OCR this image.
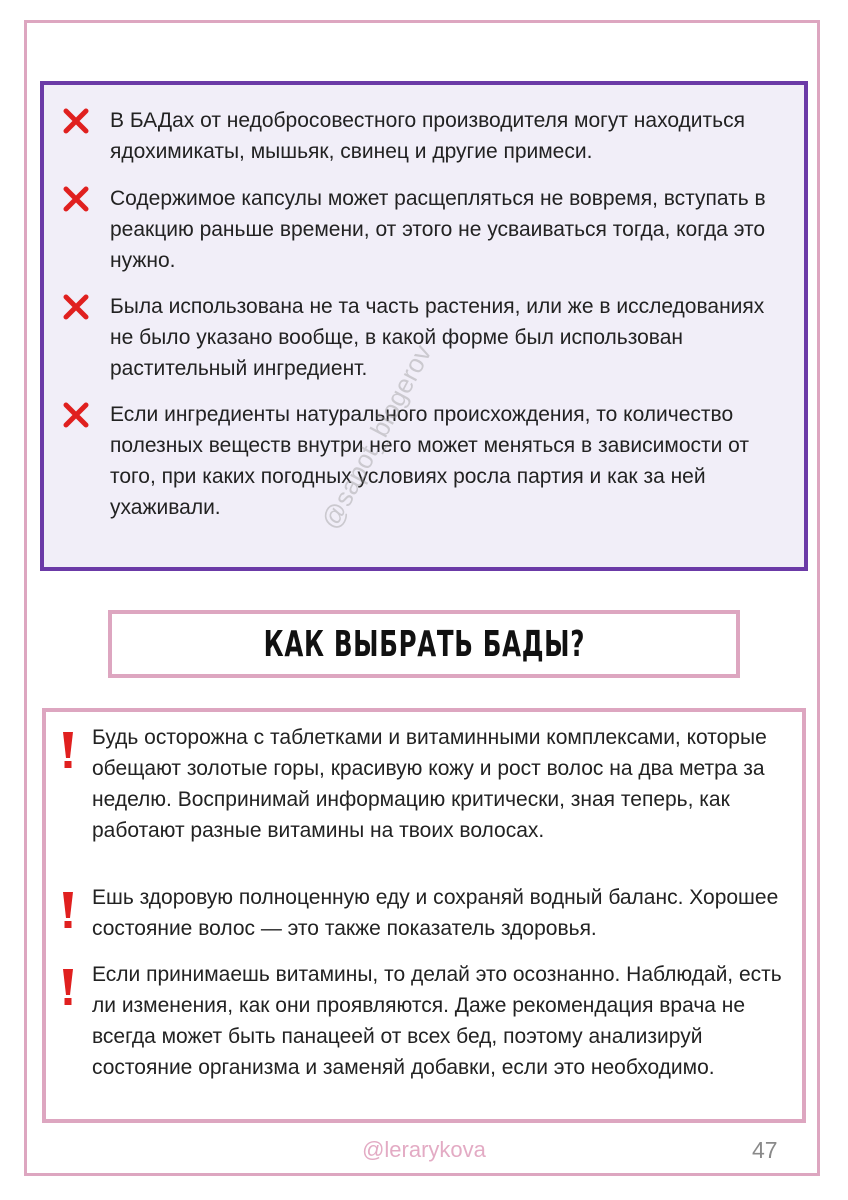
В БАДах от недобросовестного производителя могут находиться ядохимикаты, мышьяк, свинец и другие примеси.
Содержимое капсулы может расщепляться не вовремя, вступать в реакцию раньше времени, от этого не усваиваться тогда, когда это нужно.
Была использована не та часть растения, или же в исследованиях не было указано вообще, в какой форме был использован растительный ингредиент.
Если ингредиенты натурального происхождения, то количество полезных веществ внутри него может меняться в зависимости от того, при каких погодных условиях росла партия и как за ней ухаживали.
КАК ВЫБРАТЬ БАДЫ?
Будь осторожна с таблетками и витаминными комплексами, которые обещают золотые горы, красивую кожу и рост волос на два метра за неделю. Воспринимай информацию критически, зная теперь, как работают разные витамины на твоих волосах.
Ешь здоровую полноценную еду и сохраняй водный баланс. Хорошее состояние волос — это также показатель здоровья.
Если принимаешь витамины, то делай это осознанно. Наблюдай, есть ли изменения, как они проявляются. Даже рекомендация врача не всегда может быть панацеей от всех бед, поэтому анализируй состояние организма и заменяй добавки, если это необходимо.
@sapot_blogerov
@lerarykova	47
